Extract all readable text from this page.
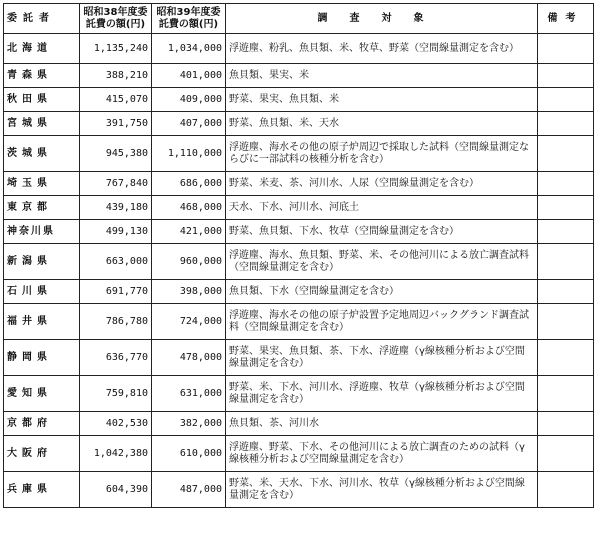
委託者	昭和38年度委託費の額(円)	昭和39年度委託費の額(円)	調査対象	備考
北海道	1,135,240	1,034,000	浮遊塵、粉乳、魚貝類、米、牧草、野菜（空間線量測定を含む）	
青森県	388,210	401,000	魚貝類、果実、米	
秋田県	415,070	409,000	野菜、果実、魚貝類、米	
宮城県	391,750	407,000	野菜、魚貝類、米、天水	
茨城県	945,380	1,110,000	浮遊塵、海水その他の原子炉周辺で採取した試料（空間線量測定ならびに一部試料の核種分析を含む）	
埼玉県	767,840	686,000	野菜、米麦、茶、河川水、人尿（空間線量測定を含む）	
東京都	439,180	468,000	天水、下水、河川水、河底土	
神奈川県	499,130	421,000	野菜、魚貝類、下水、牧草（空間線量測定を含む）	
新潟県	663,000	960,000	浮遊塵、海水、魚貝類、野菜、米、その他河川による放亡調査試料（空間線量測定を含む）	
石川県	691,770	398,000	魚貝類、下水（空間線量測定を含む）	
福井県	786,780	724,000	浮遊塵、海水その他の原子炉設置予定地周辺バックグランド調査試料（空間線量測定を含む）	
静岡県	636,770	478,000	野菜、果実、魚貝類、茶、下水、浮遊塵（γ線核種分析および空間線量測定を含む）	
愛知県	759,810	631,000	野菜、米、下水、河川水、浮遊塵、牧草（γ線核種分析および空間線量測定を含む）	
京都府	402,530	382,000	魚貝類、茶、河川水	
大阪府	1,042,380	610,000	浮遊塵、野菜、下水、その他河川による放亡調査のための試料（γ線核種分析および空間線量測定を含む）	
兵庫県	604,390	487,000	野菜、米、天水、下水、河川水、牧草（γ線核種分析および空間線量測定を含む）	
